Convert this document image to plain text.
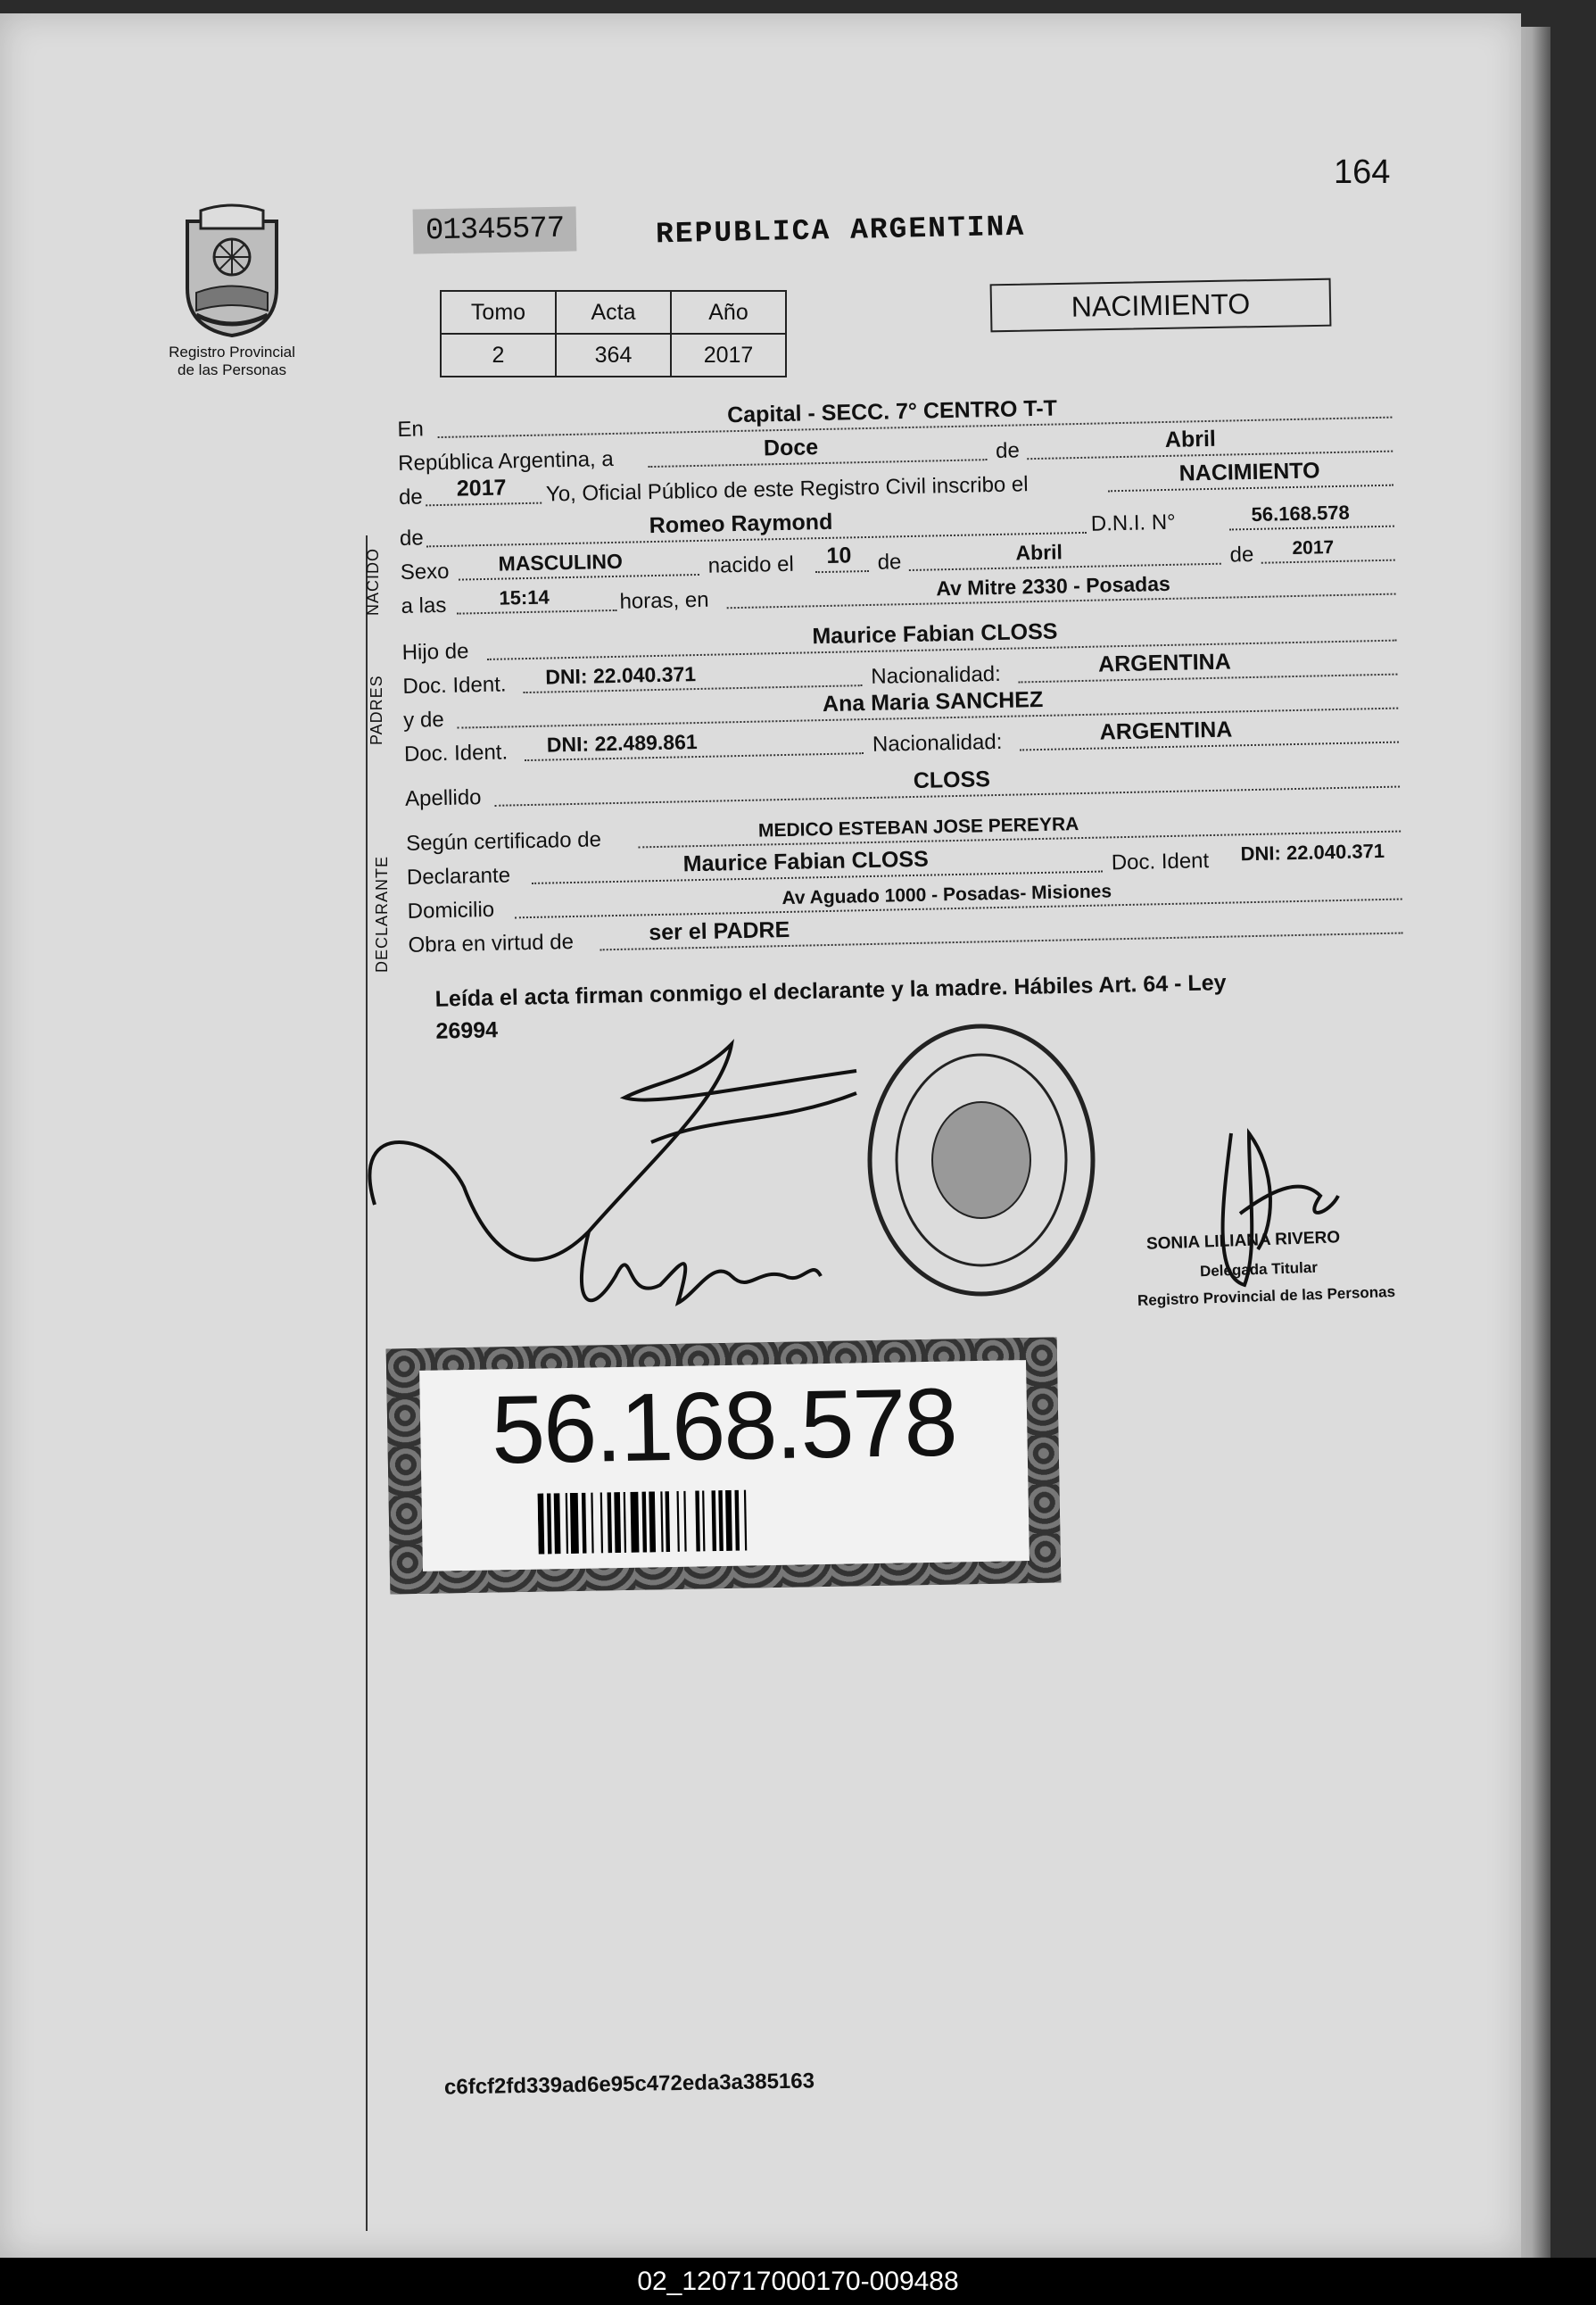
164
Registro Provincial
de las Personas
01345577	REPUBLICA ARGENTINA
Tomo	Acta	Año
2	364	2017
NACIMIENTO
En
Capital - SECC. 7° CENTRO T-T
República Argentina, a	Doce	de	Abril
de 2017 Yo, Oficial Público de este Registro Civil inscribo el
NACIMIENTO
de
Romeo Raymond	D.N.I. N°	56.168.578
Sexo MASCULINO	nacido el 10 de	Abril	de 2017
a las	15:14	horas, en
Av Mitre 2330 - Posadas
Hijo de
Maurice Fabian CLOSS
Doc. Ident. DNI: 22.040.371	Nacionalidad:	ARGENTINA
y de
Ana Maria SANCHEZ
Doc. Ident. DNI: 22.489.861	Nacionalidad:	ARGENTINA
Apellido
CLOSS
Según certificado de	MEDICO ESTEBAN JOSE PEREYRA
Declarante	Maurice Fabian CLOSS	Doc. Ident DNI: 22.040.371
Domicilio
Av Aguado 1000 - Posadas- Misiones
Obra en virtud de	ser el PADRE
NACIDO
PADRES
DECLARANTE
Leída el acta firman conmigo el declarante y la madre. Hábiles Art. 64 - Ley
26994
SONIA LILIANA RIVERO
Delegada Titular
Registro Provincial de las Personas
56.168.578
c6fcf2fd339ad6e95c472eda3a385163
02_120717000170-009488
